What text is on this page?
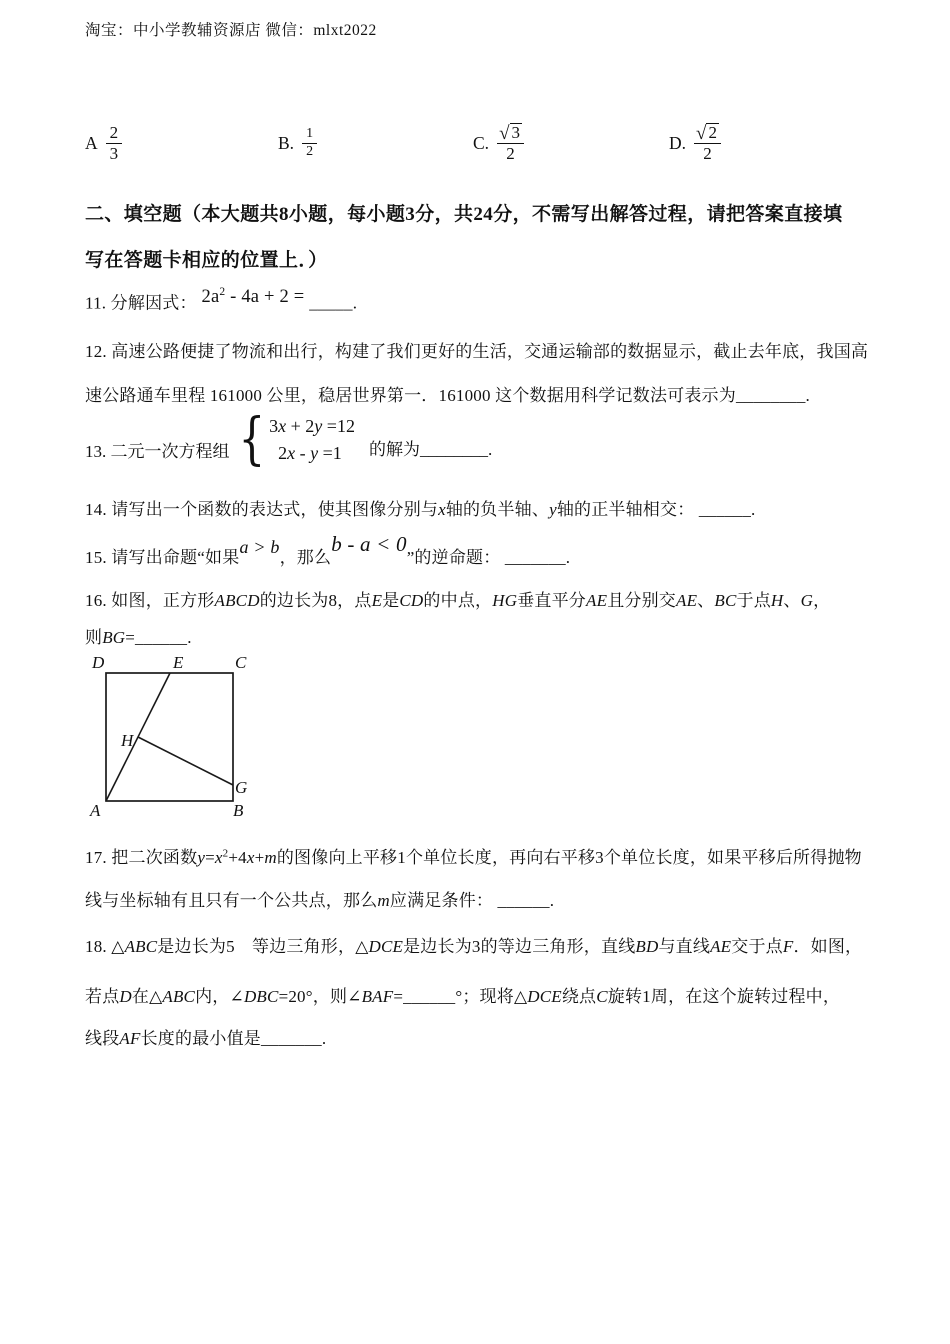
淘宝：中小学教辅资源店 微信：mlxt2022
A $\frac{2}{3}$	B. $\frac{1}{2}$	C. $\frac{√ 3}{2}$	D. $\frac{√ 2}{2}$
二、填空题（本大题共8小题，每小题3分，共24分，不需写出解答过程，请把答案直接填
写在答题卡相应的位置上．）
11. 分解因式： $2a^2 - 4a + 2$ = _____.
12. 高速公路便捷了物流和出行，构建了我们更好的生活，交通运输部的数据显示，截止去年底，我国高
速公路通车里程 161000 公里，稳居世界第一．161000 这个数据用科学记数法可表示为________.
13. 二元一次方程组 { 3x + 2y =12
2x - y =1	的解为________.
14. 请写出一个函数的表达式，使其图像分别与x轴的负半轴、y轴的正半轴相交： ______.
15. 请写出命题“如果a > b，那么b - a < 0”的逆命题： _______.
16. 如图，正方形ABCD的边长为8，点E是CD的中点，HG垂直平分AE且分别交AE、BC于点H、G，
则BG=______.
D	E	C
H
G
A	B
17. 把二次函数$y=x^2+4x+m$的图像向上平移1个单位长度，再向右平移3个单位长度，如果平移后所得抛物
线与坐标轴有且只有一个公共点，那么m应满足条件： ______.
18. △ABC是边长为5　等边三角形，△DCE是边长为3的等边三角形，直线BD与直线AE交于点F．如图，
若点D在△ABC内，∠DBC=20°，则∠BAF=______°；现将△DCE绕点C旋转1周，在这个旋转过程中，
线段AF长度的最小值是_______.
